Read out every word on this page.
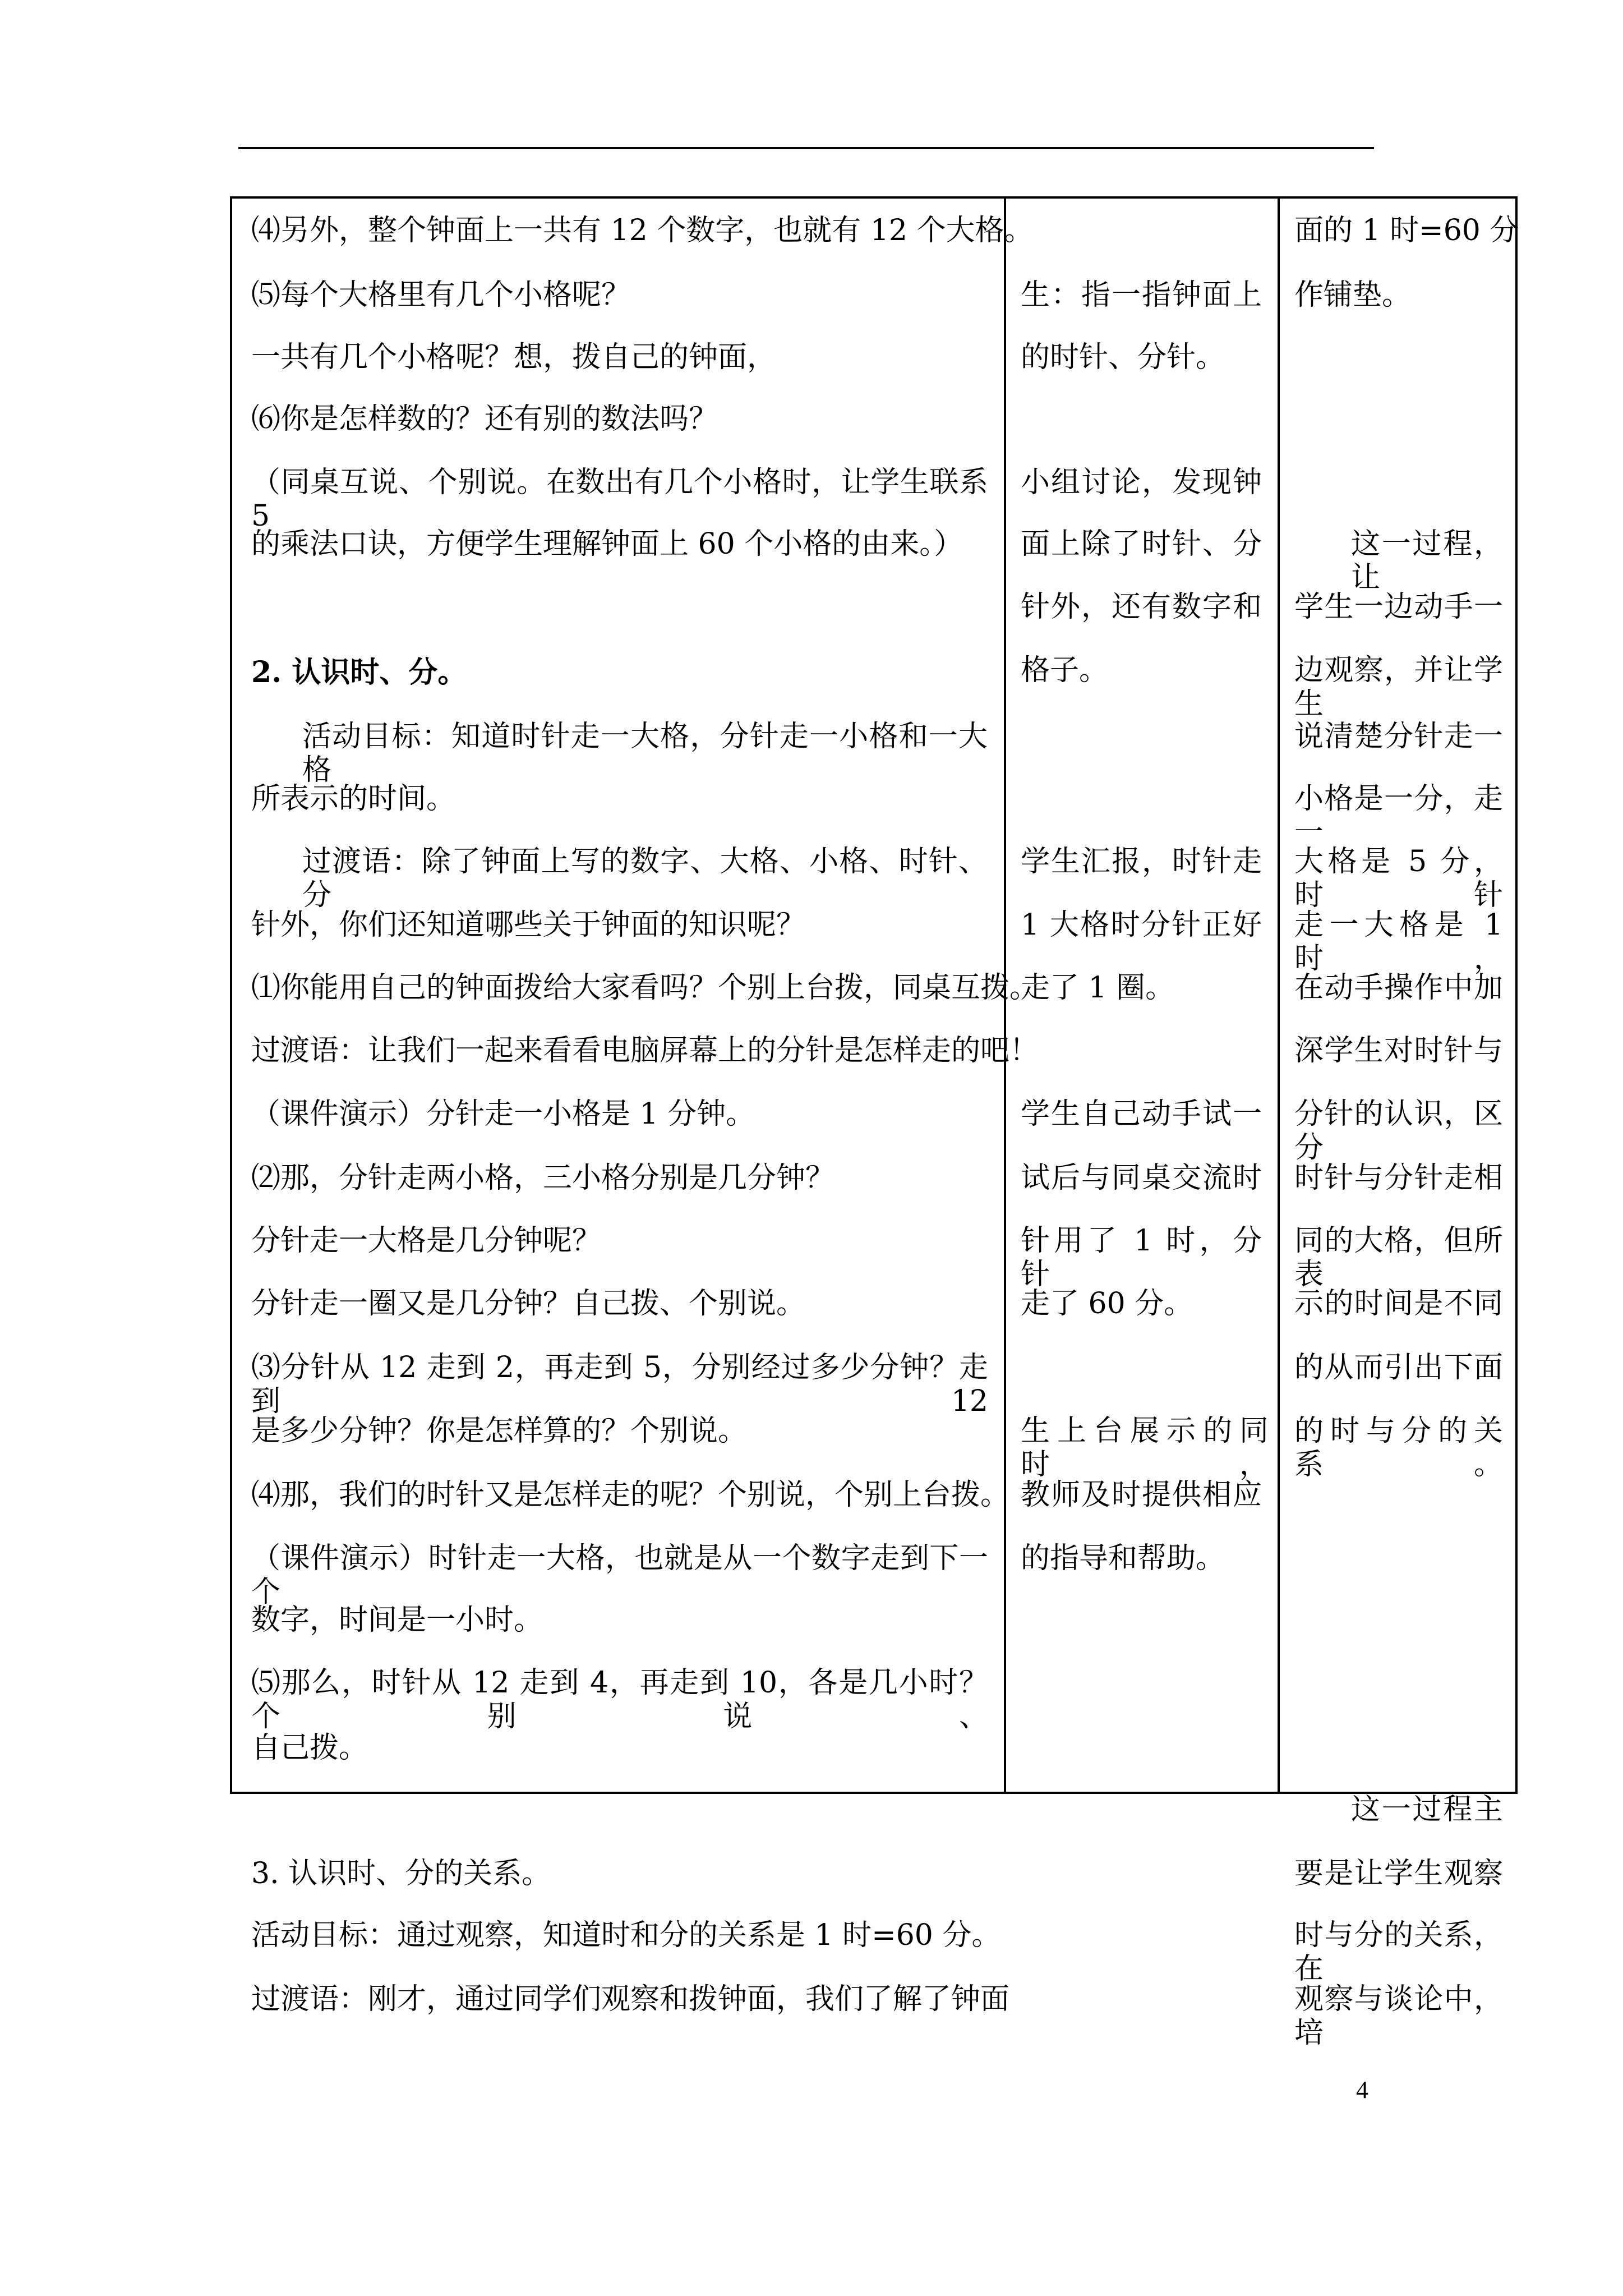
⑷另外，整个钟面上一共有 12 个数字，也就有 12 个大格。
⑸每个大格里有几个小格呢？
一共有几个小格呢？想，拨自己的钟面，
⑹你是怎样数的？还有别的数法吗？
（同桌互说、个别说。在数出有几个小格时，让学生联系 5
的乘法口诀，方便学生理解钟面上 60 个小格的由来。）
2. 认识时、分。
活动目标：知道时针走一大格，分针走一小格和一大格
所表示的时间。
过渡语：除了钟面上写的数字、大格、小格、时针、分
针外，你们还知道哪些关于钟面的知识呢？
⑴你能用自己的钟面拨给大家看吗？个别上台拨，同桌互拨。
过渡语：让我们一起来看看电脑屏幕上的分针是怎样走的吧！
（课件演示）分针走一小格是 1 分钟。
⑵那，分针走两小格，三小格分别是几分钟？
分针走一大格是几分钟呢？
分针走一圈又是几分钟？自己拨、个别说。
⑶分针从 12 走到 2，再走到 5，分别经过多少分钟？走到 12
是多少分钟？你是怎样算的？个别说。
⑷那，我们的时针又是怎样走的呢？个别说，个别上台拨。
（课件演示）时针走一大格，也就是从一个数字走到下一个
数字，时间是一小时。
⑸那么，时针从 12 走到 4，再走到 10，各是几小时？个别说、
自己拨。
3. 认识时、分的关系。
活动目标：通过观察，知道时和分的关系是 1 时=60 分。
过渡语：刚才，通过同学们观察和拨钟面，我们了解了钟面
生：指一指钟面上
的时针、分针。
小组讨论，发现钟
面上除了时针、分
针外，还有数字和
格子。
学生汇报，时针走
1 大格时分针正好
走了 1 圈。
学生自己动手试一
试后与同桌交流时
针用了 1 时，分针
走了 60 分。
生上台展示的同时，
教师及时提供相应
的指导和帮助。
面的 1 时=60 分
作铺垫。
这一过程，让
学生一边动手一
边观察，并让学生
说清楚分针走一
小格是一分，走一
大格是 5 分，时针
走一大格是 1 时，
在动手操作中加
深学生对时针与
分针的认识，区分
时针与分针走相
同的大格，但所表
示的时间是不同
的从而引出下面
的时与分的关系。
这一过程主
要是让学生观察
时与分的关系，在
观察与谈论中，培
4
